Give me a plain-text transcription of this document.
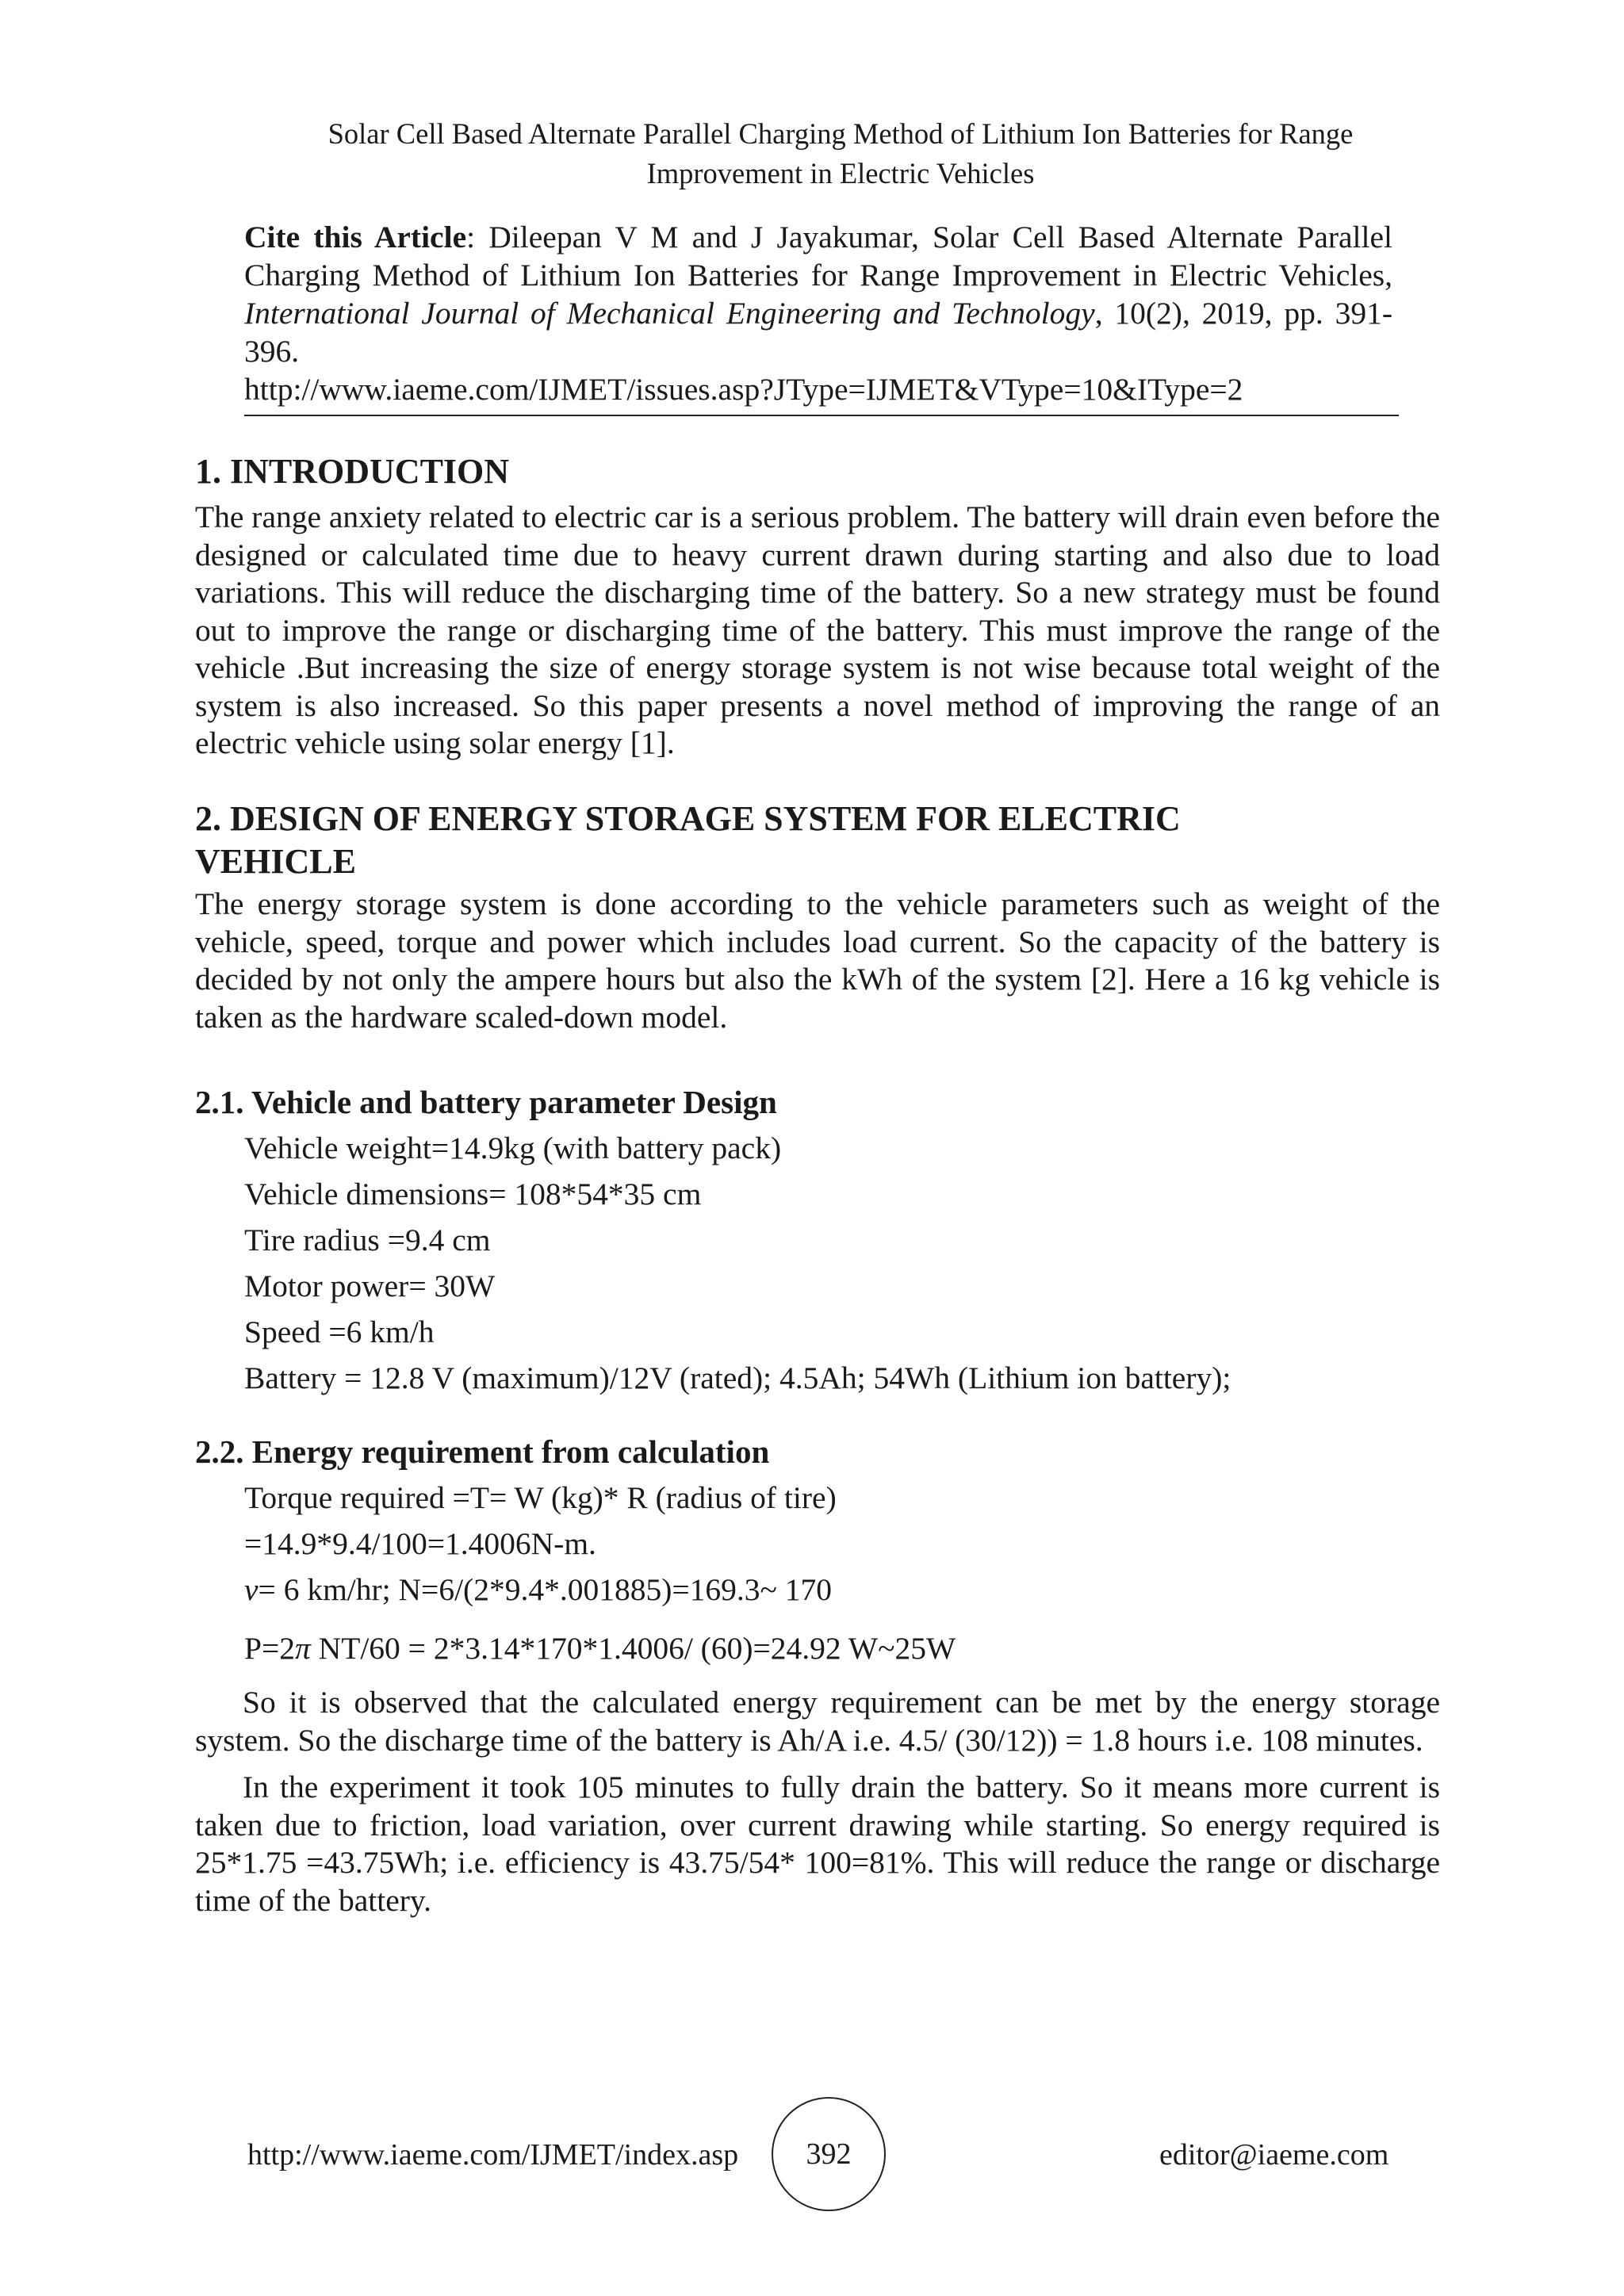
Solar Cell Based Alternate Parallel Charging Method of Lithium Ion Batteries for Range
Improvement in Electric Vehicles

Cite this Article: Dileepan V M and J Jayakumar, Solar Cell Based Alternate Parallel Charging Method of Lithium Ion Batteries for Range Improvement in Electric Vehicles, International Journal of Mechanical Engineering and Technology, 10(2), 2019, pp. 391-396.

http://www.iaeme.com/IJMET/issues.asp?JType=IJMET&VType=10&IType=2
1. INTRODUCTION

The range anxiety related to electric car is a serious problem. The battery will drain even before the designed or calculated time due to heavy current drawn during starting and also due to load variations. This will reduce the discharging time of the battery. So a new strategy must be found out to improve the range or discharging time of the battery. This must improve the range of the vehicle .But increasing the size of energy storage system is not wise because total weight of the system is also increased. So this paper presents a novel method of improving the range of an electric vehicle using solar energy [1].

2. DESIGN OF ENERGY STORAGE SYSTEM FOR ELECTRIC
VEHICLE

The energy storage system is done according to the vehicle parameters such as weight of the vehicle, speed, torque and power which includes load current. So the capacity of the battery is decided by not only the ampere hours but also the kWh of the system [2]. Here a 16 kg vehicle is taken as the hardware scaled-down model.

2.1. Vehicle and battery parameter Design
Vehicle weight=14.9kg (with battery pack)
Vehicle dimensions= 108*54*35 cm
Tire radius =9.4 cm
Motor power= 30W
Speed =6 km/h
Battery = 12.8 V (maximum)/12V (rated); 4.5Ah; 54Wh (Lithium ion battery);
2.2. Energy requirement from calculation
Torque required =T= W (kg)* R (radius of tire)
=14.9*9.4/100=1.4006N-m.
v= 6 km/hr; N=6/(2*9.4*.001885)=169.3~ 170
P=2π NT/60 = 2*3.14*170*1.4006/ (60)=24.92 W~25W

So it is observed that the calculated energy requirement can be met by the energy storage system. So the discharge time of the battery is Ah/A i.e. 4.5/ (30/12)) = 1.8 hours i.e. 108 minutes.

In the experiment it took 105 minutes to fully drain the battery. So it means more current is taken due to friction, load variation, over current drawing while starting. So energy required is 25*1.75 =43.75Wh; i.e. efficiency is 43.75/54* 100=81%. This will reduce the range or discharge time of the battery.

http://www.iaeme.com/IJMET/index.asp 392	editor@iaeme.com
